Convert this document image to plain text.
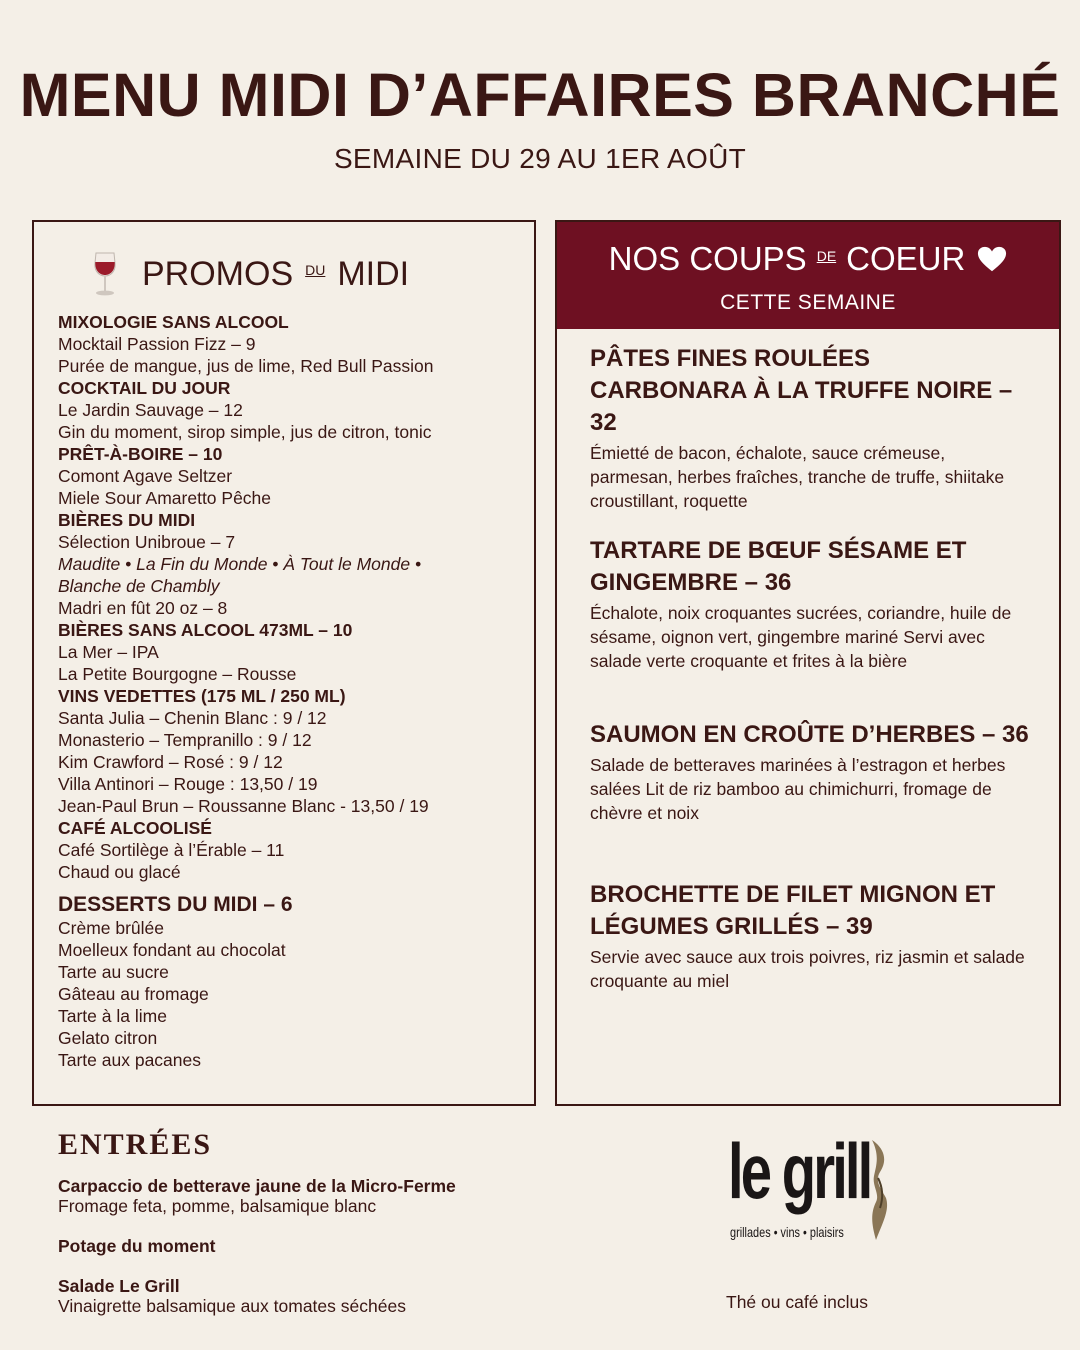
MENU MIDI D’AFFAIRES BRANCHÉ
SEMAINE DU 29 AU 1ER AOÛT
PROMOS DU MIDI
MIXOLOGIE SANS ALCOOL
Mocktail Passion Fizz – 9
Purée de mangue, jus de lime, Red Bull Passion
COCKTAIL DU JOUR
Le Jardin Sauvage – 12
Gin du moment, sirop simple, jus de citron, tonic
PRÊT-À-BOIRE – 10
Comont Agave Seltzer
Miele Sour Amaretto Pêche
BIÈRES DU MIDI
Sélection Unibroue – 7
Maudite • La Fin du Monde • À Tout le Monde •
Blanche de Chambly
Madri en fût 20 oz – 8
BIÈRES SANS ALCOOL 473ML – 10
La Mer – IPA
La Petite Bourgogne – Rousse
VINS VEDETTES (175 ML / 250 ML)
Santa Julia – Chenin Blanc : 9 / 12
Monasterio – Tempranillo : 9 / 12
Kim Crawford – Rosé : 9 / 12
Villa Antinori – Rouge : 13,50 / 19
Jean-Paul Brun – Roussanne Blanc - 13,50 / 19
CAFÉ ALCOOLISÉ
Café Sortilège à l’Érable – 11
Chaud ou glacé
DESSERTS DU MIDI – 6
Crème brûlée
Moelleux fondant au chocolat
Tarte au sucre
Gâteau au fromage
Tarte à la lime
Gelato citron
Tarte aux pacanes
NOS COUPS DE COEUR
CETTE SEMAINE
PÂTES FINES ROULÉES CARBONARA À LA TRUFFE NOIRE – 32
Émietté de bacon, échalote, sauce crémeuse, parmesan, herbes fraîches, tranche de truffe, shiitake croustillant, roquette
TARTARE DE BŒUF SÉSAME ET GINGEMBRE – 36
Échalote, noix croquantes sucrées, coriandre, huile de sésame, oignon vert, gingembre mariné Servi avec salade verte croquante et frites à la bière
SAUMON EN CROÛTE D’HERBES – 36
Salade de betteraves marinées à l’estragon et herbes salées Lit de riz bamboo au chimichurri, fromage de chèvre et noix
BROCHETTE DE FILET MIGNON ET LÉGUMES GRILLÉS – 39
Servie avec sauce aux trois poivres, riz jasmin et salade croquante au miel
ENTRÉES
Carpaccio de betterave jaune de la Micro-Ferme
Fromage feta, pomme, balsamique blanc
Potage du moment
Salade Le Grill
Vinaigrette balsamique aux tomates séchées
le grill
grillades • vins • plaisirs
Thé ou café inclus
